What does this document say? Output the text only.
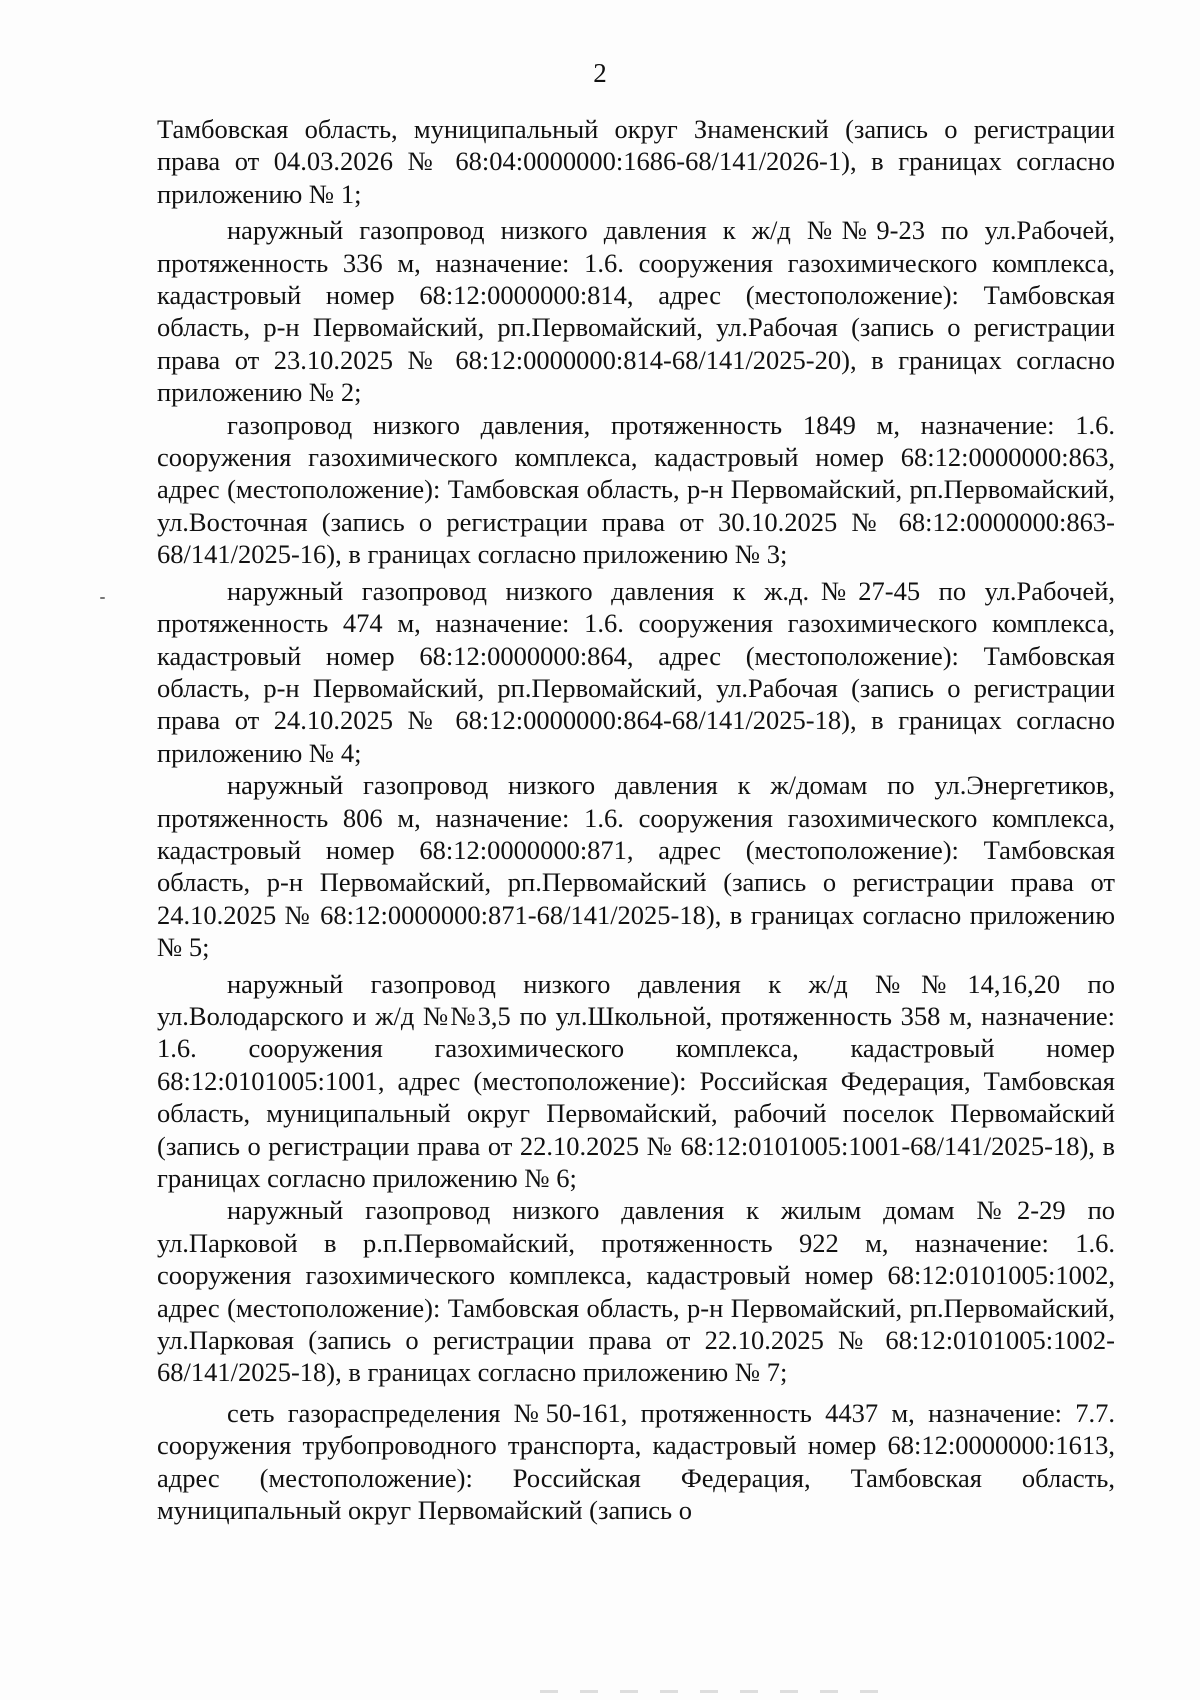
2

Тамбовская область, муниципальный округ Знаменский (запись о регистрации права от 04.03.2026 № 68:04:0000000:1686-68/141/2026-1), в границах согласно приложению № 1;

наружный газопровод низкого давления к ж/д №№9-23 по ул.Рабочей, протяженность 336 м, назначение: 1.6. сооружения газохимического комплекса, кадастровый номер 68:12:0000000:814, адрес (местоположение): Тамбовская область, р-н Первомайский, рп.Первомайский, ул.Рабочая (запись о регистрации права от 23.10.2025 № 68:12:0000000:814-68/141/2025-20), в границах согласно приложению № 2;

газопровод низкого давления, протяженность 1849 м, назначение: 1.6. сооружения газохимического комплекса, кадастровый номер 68:12:0000000:863, адрес (местоположение): Тамбовская область, р-н Первомайский, рп.Первомайский, ул.Восточная (запись о регистрации права от 30.10.2025 № 68:12:0000000:863-68/141/2025-16), в границах согласно приложению № 3;

наружный газопровод низкого давления к ж.д.№27-45 по ул.Рабочей, протяженность 474 м, назначение: 1.6. сооружения газохимического комплекса, кадастровый номер 68:12:0000000:864, адрес (местоположение): Тамбовская область, р-н Первомайский, рп.Первомайский, ул.Рабочая (запись о регистрации права от 24.10.2025 № 68:12:0000000:864-68/141/2025-18), в границах согласно приложению № 4;

наружный газопровод низкого давления к ж/домам по ул.Энергетиков, протяженность 806 м, назначение: 1.6. сооружения газохимического комплекса, кадастровый номер 68:12:0000000:871, адрес (местоположение): Тамбовская область, р-н Первомайский, рп.Первомайский (запись о регистрации права от 24.10.2025 № 68:12:0000000:871-68/141/2025-18), в границах согласно приложению № 5;

наружный газопровод низкого давления к ж/д №№14,16,20 по ул.Володарского и ж/д №№3,5 по ул.Школьной, протяженность 358 м, назначение: 1.6. сооружения газохимического комплекса, кадастровый номер 68:12:0101005:1001, адрес (местоположение): Российская Федерация, Тамбовская область, муниципальный округ Первомайский, рабочий поселок Первомайский (запись о регистрации права от 22.10.2025 № 68:12:0101005:1001-68/141/2025-18), в границах согласно приложению № 6;

наружный газопровод низкого давления к жилым домам №2-29 по ул.Парковой в р.п.Первомайский, протяженность 922 м, назначение: 1.6. сооружения газохимического комплекса, кадастровый номер 68:12:0101005:1002, адрес (местоположение): Тамбовская область, р-н Первомайский, рп.Первомайский, ул.Парковая (запись о регистрации права от 22.10.2025 № 68:12:0101005:1002-68/141/2025-18), в границах согласно приложению № 7;

сеть газораспределения №50-161, протяженность 4437 м, назначение: 7.7. сооружения трубопроводного транспорта, кадастровый номер 68:12:0000000:1613, адрес (местоположение): Российская Федерация, Тамбовская область, муниципальный округ Первомайский (запись о
